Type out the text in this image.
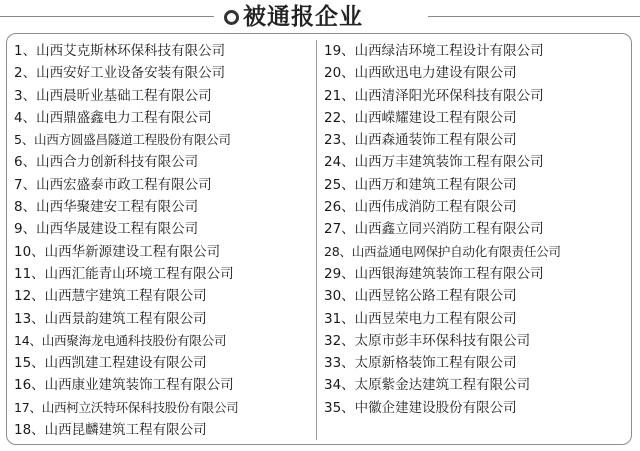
被通报企业
1、山西艾克斯林环保科技有限公司
2、山西安好工业设备安装有限公司
3、山西晨昕业基础工程有限公司
4、山西鼎盛鑫电力工程有限公司
5、山西方圆盛昌隧道工程股份有限公司
6、山西合力创新科技有限公司
7、山西宏盛泰市政工程有限公司
8、山西华聚建安工程有限公司
9、山西华晟建设工程有限公司
10、山西华新源建设工程有限公司
11、山西汇能青山环境工程有限公司
12、山西慧宇建筑工程有限公司
13、山西景韵建筑工程有限公司
14、山西聚海龙电通科技股份有限公司
15、山西凯建工程建设有限公司
16、山西康业建筑装饰工程有限公司
17、山西柯立沃特环保科技股份有限公司
18、山西昆麟建筑工程有限公司
19、山西绿洁环境工程设计有限公司
20、山西欧迅电力建设有限公司
21、山西清泽阳光环保科技有限公司
22、山西嵘耀建设工程有限公司
23、山西森通装饰工程有限公司
24、山西万丰建筑装饰工程有限公司
25、山西万和建筑工程有限公司
26、山西伟成消防工程有限公司
27、山西鑫立同兴消防工程有限公司
28、山西益通电网保护自动化有限责任公司
29、山西银海建筑装饰工程有限公司
30、山西昱铭公路工程有限公司
31、山西昱荣电力工程有限公司
32、太原市彭丰环保科技有限公司
33、太原新格装饰工程有限公司
34、太原紫金达建筑工程有限公司
35、中徽企建建设股份有限公司
